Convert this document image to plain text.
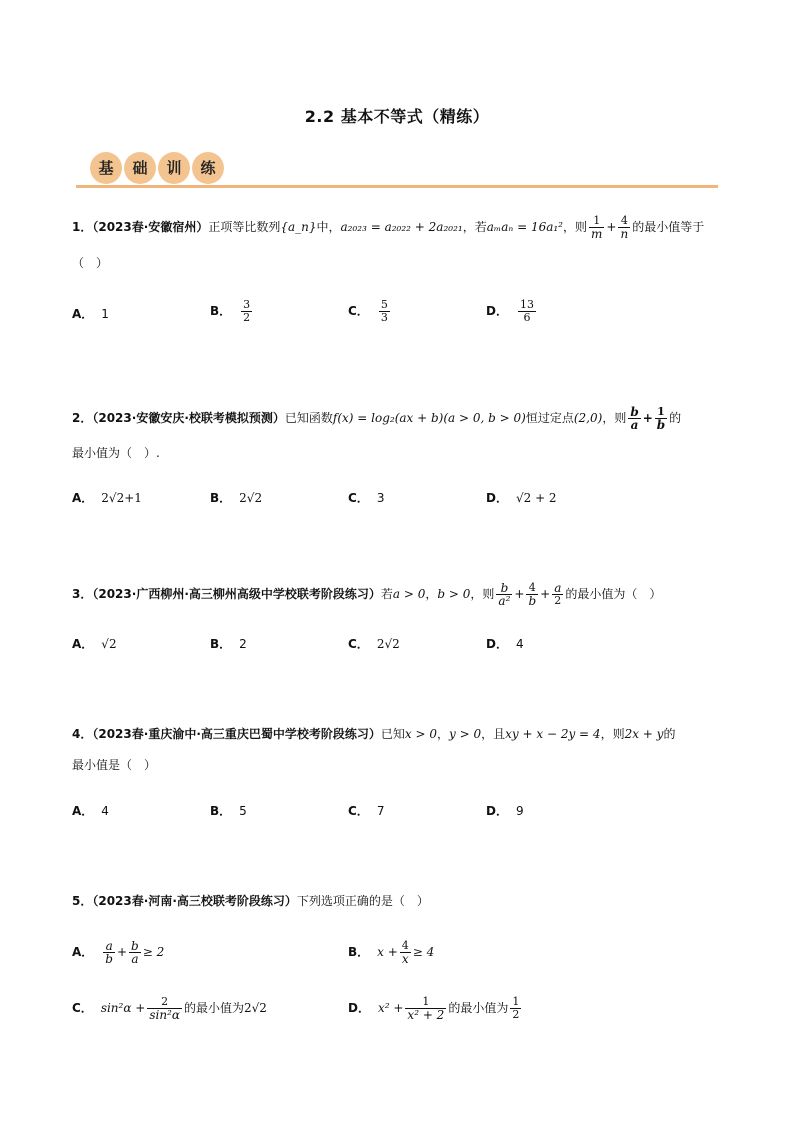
2.2 基本不等式（精练）
基	础	训	练
1．（2023春·安徽宿州）正项等比数列{a_n}中，a₂₀₂₃ = a₂₀₂₂ + 2a₂₀₂₁，若aₘaₙ = 16a₁²，则 $\frac{1}{m} + \frac{4}{n}$ 的最小值等于
（　）
A． 1	B． $\frac{3}{2}$	C． $\frac{5}{3}$	D． $\frac{13}{6}$
2．（2023·安徽安庆·校联考模拟预测）已知函数f(x) = log₂(ax + b)(a > 0, b > 0)恒过定点(2,0)，则 $\frac{b}{a} + \frac{1}{b}$ 的
最小值为（　）.
A． 2√2+1	B． 2√2	C． 3	D． √2 + 2
3．（2023·广西柳州·高三柳州高级中学校联考阶段练习）若a > 0，b > 0，则 $\frac{b}{\text{a²}} + \frac{4}{b} + \frac{a}{2}$ 的最小值为（　）
A． √2	B． 2	C． 2√2	D． 4
4．（2023春·重庆渝中·高三重庆巴蜀中学校考阶段练习）已知x > 0，y > 0，且xy + x − 2y = 4，则2x + y的
最小值是（　）
A． 4	B． 5	C． 7	D． 9
5．（2023春·河南·高三校联考阶段练习）下列选项正确的是（　）
A． $\frac{a}{b} + \frac{b}{a} \ge 2$	B． $x + \frac{4}{x} \ge 4$
C． $\sin^2\alpha + \frac{2}{\text{sin²α}}$ 的最小值为2√2	D． $x^2 + \frac{1}{\text{x² + 2}}$ 的最小值为 $\frac{1}{2}$
